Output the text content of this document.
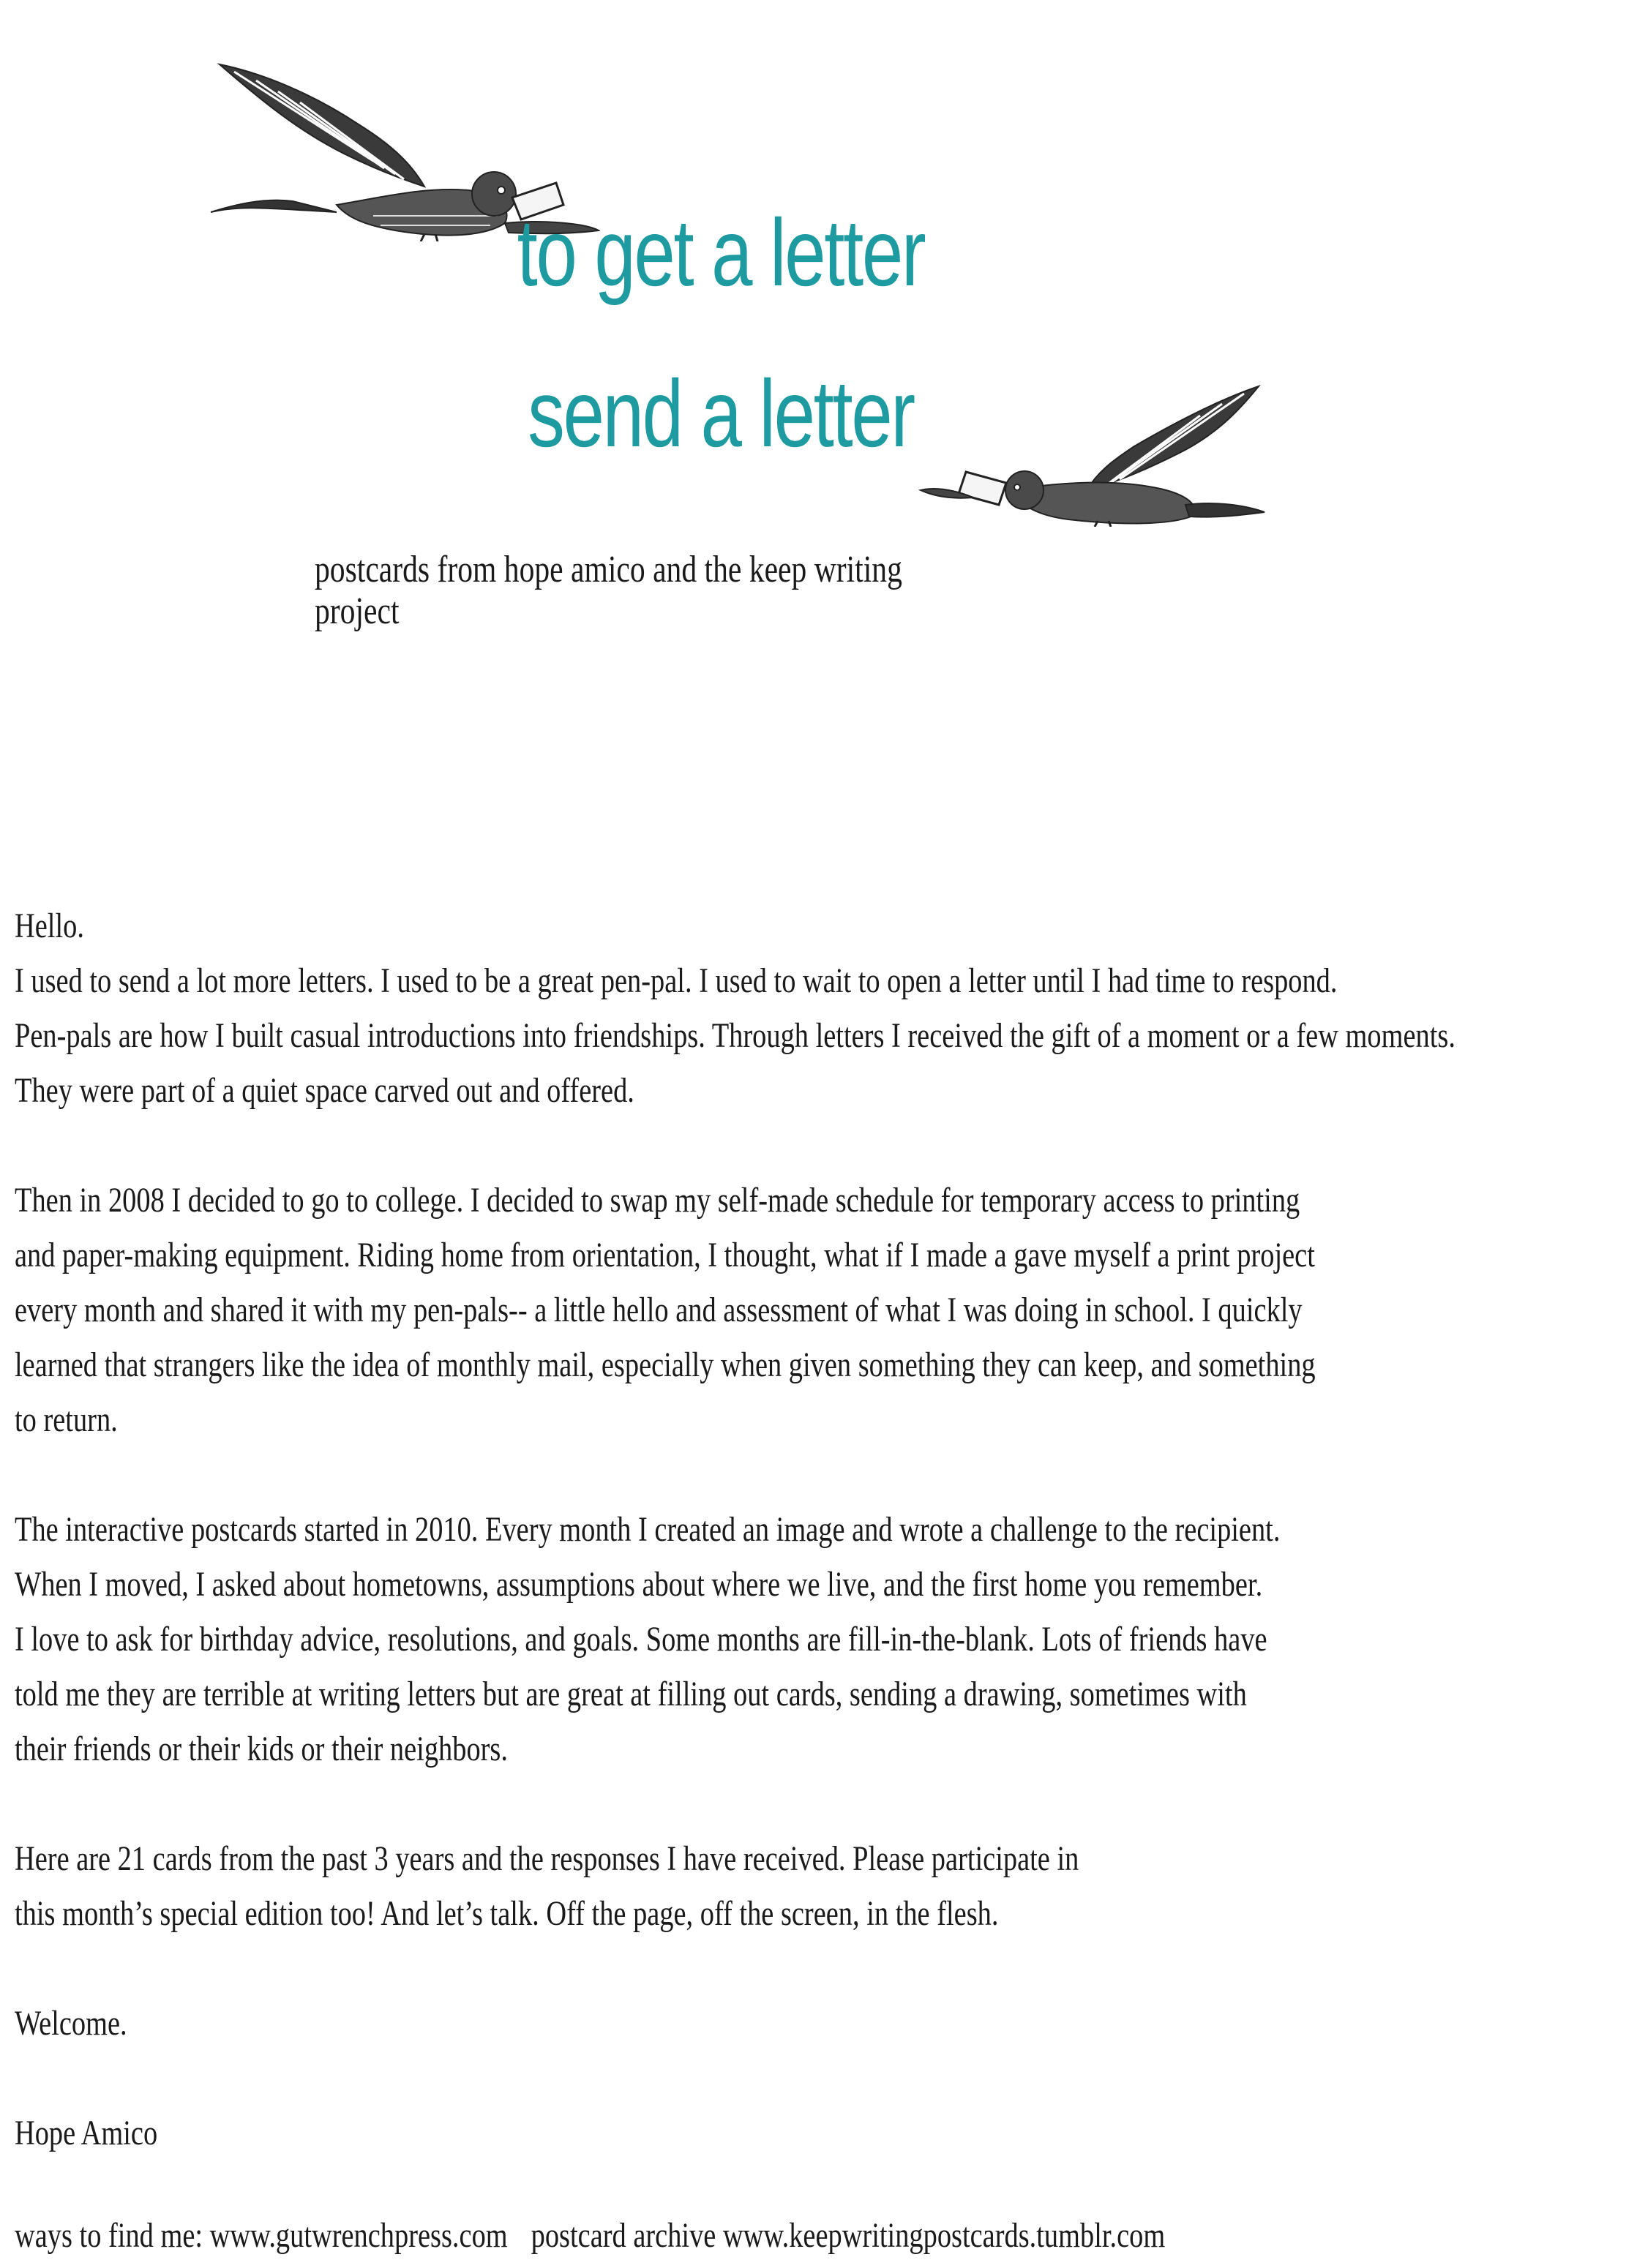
to get a letter
send a letter
postcards from hope amico and the keep writing project
Hello.
I used to send a lot more letters. I used to be a great pen-pal. I used to wait to open a letter until I had time to respond.
Pen-pals are how I built casual introductions into friendships. Through letters I received the gift of a moment or a few moments.
They were part of a quiet space carved out and offered.
Then in 2008 I decided to go to college. I decided to swap my self-made schedule for temporary access to printing
and paper-making equipment. Riding home from orientation, I thought, what if I made a gave myself a print project
every month and shared it with my pen-pals-- a little hello and assessment of what I was doing in school. I quickly
learned that strangers like the idea of monthly mail, especially when given something they can keep, and something
to return.
The interactive postcards started in 2010. Every month I created an image and wrote a challenge to the recipient.
When I moved, I asked about hometowns, assumptions about where we live, and the first home you remember.
I love to ask for birthday advice, resolutions, and goals. Some months are fill-in-the-blank. Lots of friends have
told me they are terrible at writing letters but are great at filling out cards, sending a drawing, sometimes with
their friends or their kids or their neighbors.
Here are 21 cards from the past 3 years and the responses I have received. Please participate in
this month’s special edition too! And let’s talk. Off the page, off the screen, in the flesh.
Welcome.
Hope Amico
ways to find me: www.gutwrenchpress.com postcard archive www.keepwritingpostcards.tumblr.com
